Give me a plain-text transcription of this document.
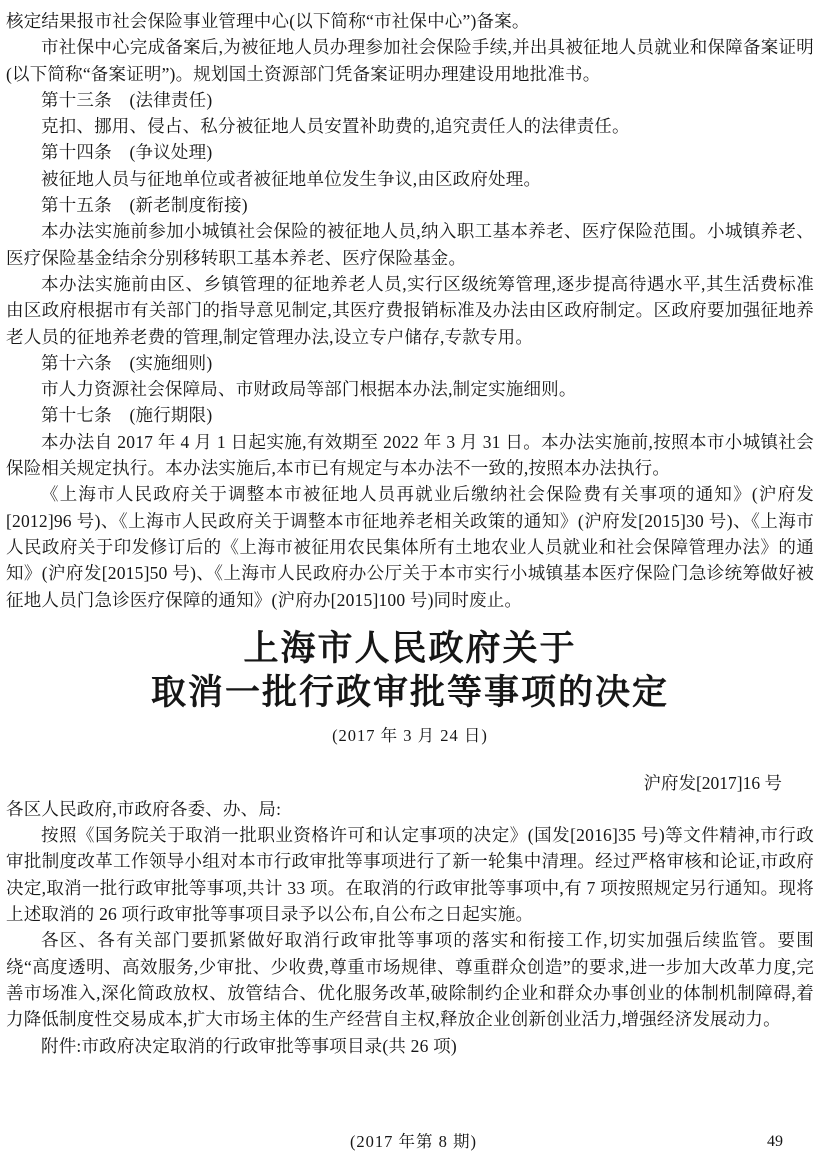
核定结果报市社会保险事业管理中心(以下简称“市社保中心”)备案。

市社保中心完成备案后,为被征地人员办理参加社会保险手续,并出具被征地人员就业和保障备案证明(以下简称“备案证明”)。规划国土资源部门凭备案证明办理建设用地批准书。

第十三条　(法律责任)

克扣、挪用、侵占、私分被征地人员安置补助费的,追究责任人的法律责任。

第十四条　(争议处理)

被征地人员与征地单位或者被征地单位发生争议,由区政府处理。

第十五条　(新老制度衔接)

本办法实施前参加小城镇社会保险的被征地人员,纳入职工基本养老、医疗保险范围。小城镇养老、医疗保险基金结余分别移转职工基本养老、医疗保险基金。

本办法实施前由区、乡镇管理的征地养老人员,实行区级统筹管理,逐步提高待遇水平,其生活费标准由区政府根据市有关部门的指导意见制定,其医疗费报销标准及办法由区政府制定。区政府要加强征地养老人员的征地养老费的管理,制定管理办法,设立专户储存,专款专用。

第十六条　(实施细则)

市人力资源社会保障局、市财政局等部门根据本办法,制定实施细则。

第十七条　(施行期限)

本办法自 2017 年 4 月 1 日起实施,有效期至 2022 年 3 月 31 日。本办法实施前,按照本市小城镇社会保险相关规定执行。本办法实施后,本市已有规定与本办法不一致的,按照本办法执行。

《上海市人民政府关于调整本市被征地人员再就业后缴纳社会保险费有关事项的通知》(沪府发[2012]96 号)、《上海市人民政府关于调整本市征地养老相关政策的通知》(沪府发[2015]30 号)、《上海市人民政府关于印发修订后的《上海市被征用农民集体所有土地农业人员就业和社会保障管理办法》的通知》(沪府发[2015]50 号)、《上海市人民政府办公厅关于本市实行小城镇基本医疗保险门急诊统筹做好被征地人员门急诊医疗保障的通知》(沪府办[2015]100 号)同时废止。

上海市人民政府关于
取消一批行政审批等事项的决定
(2017 年 3 月 24 日)
沪府发[2017]16 号

各区人民政府,市政府各委、办、局:

按照《国务院关于取消一批职业资格许可和认定事项的决定》(国发[2016]35 号)等文件精神,市行政审批制度改革工作领导小组对本市行政审批等事项进行了新一轮集中清理。经过严格审核和论证,市政府决定,取消一批行政审批等事项,共计 33 项。在取消的行政审批等事项中,有 7 项按照规定另行通知。现将上述取消的 26 项行政审批等事项目录予以公布,自公布之日起实施。

各区、各有关部门要抓紧做好取消行政审批等事项的落实和衔接工作,切实加强后续监管。要围绕“高度透明、高效服务,少审批、少收费,尊重市场规律、尊重群众创造”的要求,进一步加大改革力度,完善市场准入,深化简政放权、放管结合、优化服务改革,破除制约企业和群众办事创业的体制机制障碍,着力降低制度性交易成本,扩大市场主体的生产经营自主权,释放企业创新创业活力,增强经济发展动力。

附件:市政府决定取消的行政审批等事项目录(共 26 项)

(2017 年第 8 期)	49
